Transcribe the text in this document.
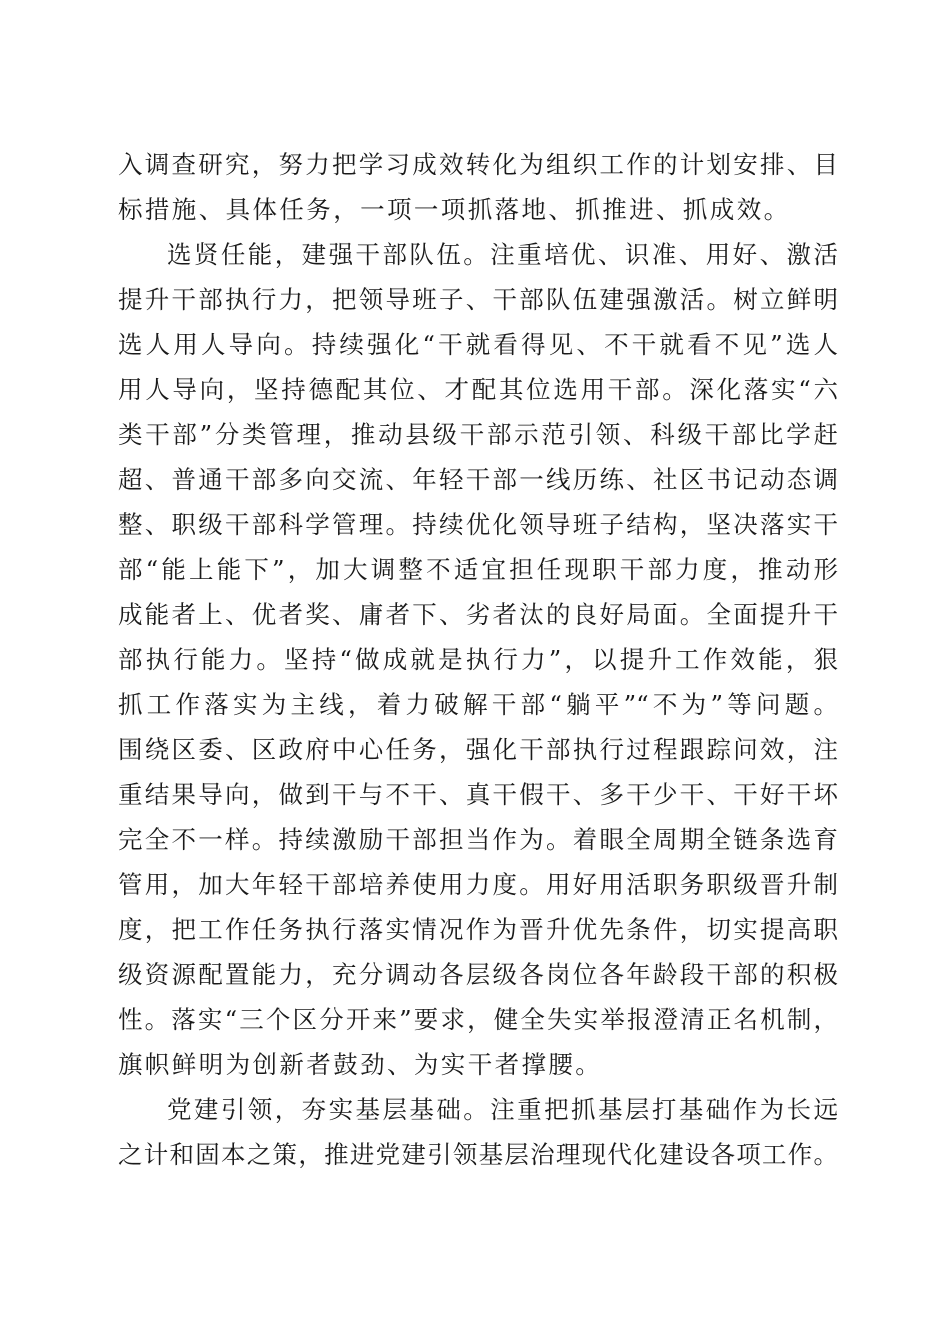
入调查研究，努力把学习成效转化为组织工作的计划安排、目
标措施、具体任务，一项一项抓落地、抓推进、抓成效。
选贤任能，建强干部队伍。注重培优、识准、用好、激活
提升干部执行力，把领导班子、干部队伍建强激活。树立鲜明
选人用人导向。持续强化“干就看得见、不干就看不见”选人
用人导向，坚持德配其位、才配其位选用干部。深化落实“六
类干部”分类管理，推动县级干部示范引领、科级干部比学赶
超、普通干部多向交流、年轻干部一线历练、社区书记动态调
整、职级干部科学管理。持续优化领导班子结构，坚决落实干
部“能上能下”，加大调整不适宜担任现职干部力度，推动形
成能者上、优者奖、庸者下、劣者汰的良好局面。全面提升干
部执行能力。坚持“做成就是执行力”，以提升工作效能，狠
抓工作落实为主线，着力破解干部“躺平”“不为”等问题。
围绕区委、区政府中心任务，强化干部执行过程跟踪问效，注
重结果导向，做到干与不干、真干假干、多干少干、干好干坏
完全不一样。持续激励干部担当作为。着眼全周期全链条选育
管用，加大年轻干部培养使用力度。用好用活职务职级晋升制
度，把工作任务执行落实情况作为晋升优先条件，切实提高职
级资源配置能力，充分调动各层级各岗位各年龄段干部的积极
性。落实“三个区分开来”要求，健全失实举报澄清正名机制，
旗帜鲜明为创新者鼓劲、为实干者撑腰。
党建引领，夯实基层基础。注重把抓基层打基础作为长远
之计和固本之策，推进党建引领基层治理现代化建设各项工作。
